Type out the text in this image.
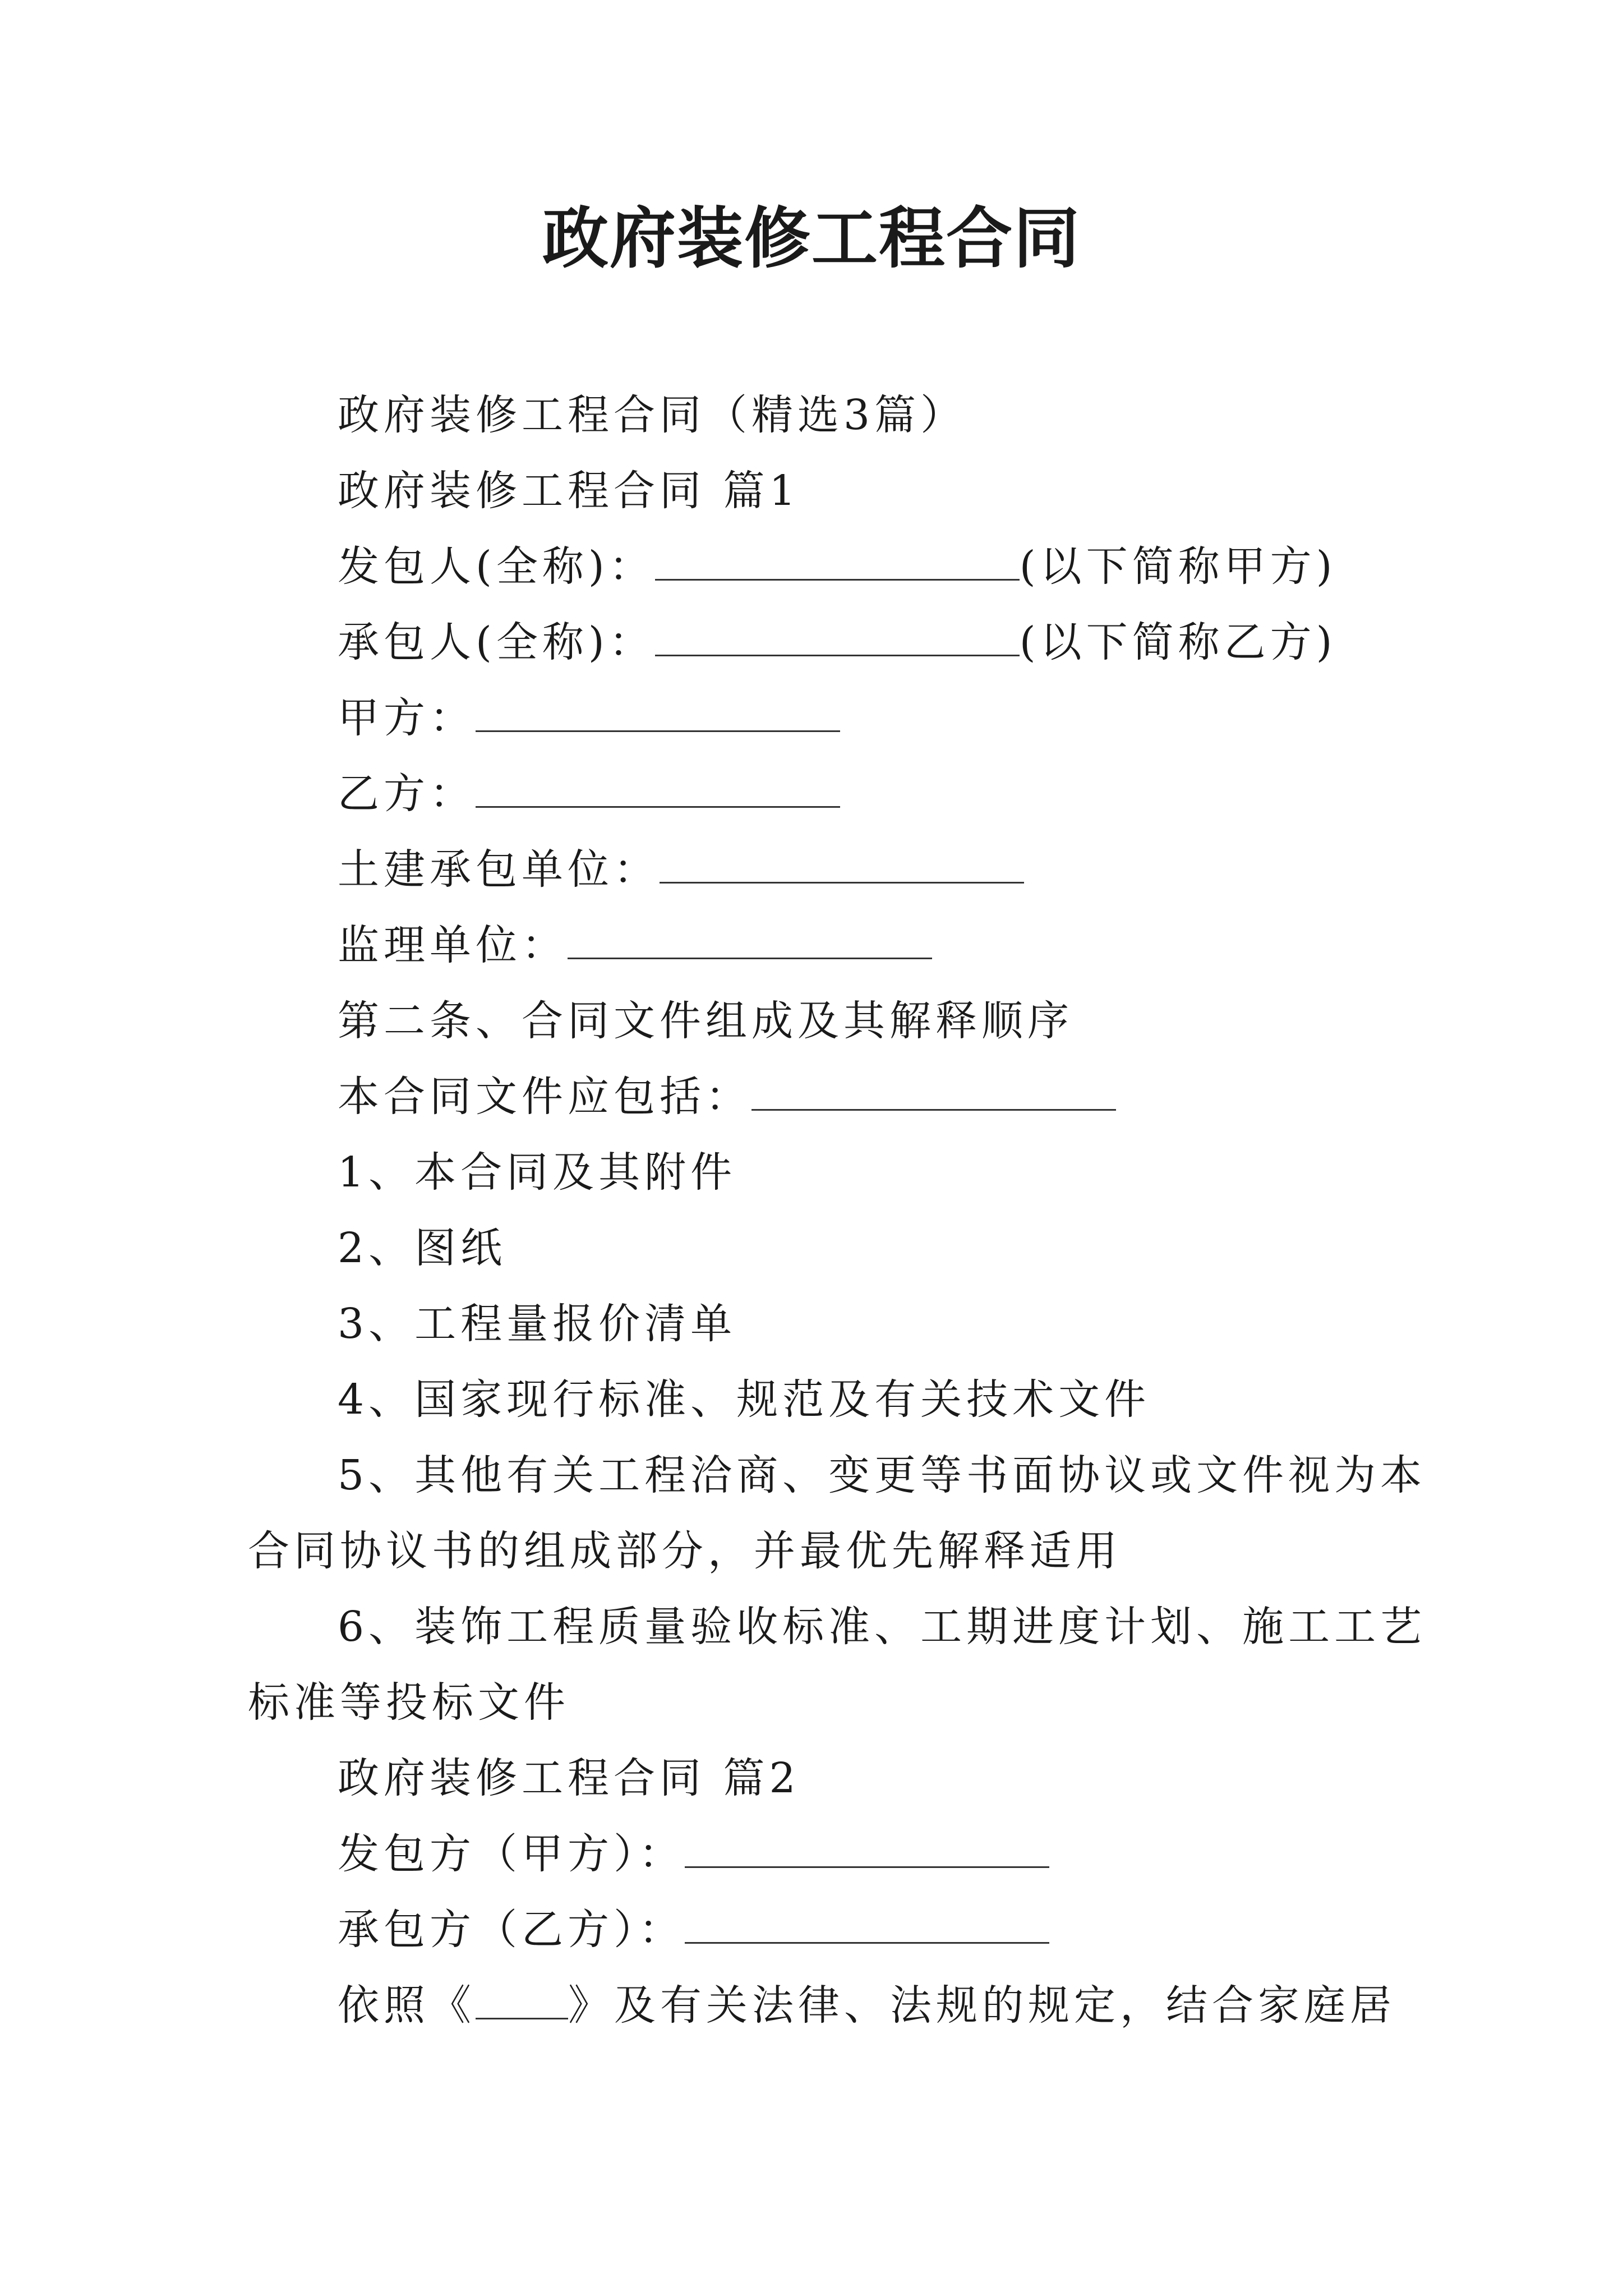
政府装修工程合同
政府装修工程合同（精选3篇）
政府装修工程合同 篇1
发包人(全称)：	(以下简称甲方)
承包人(全称)：	(以下简称乙方)
甲方：
乙方：
土建承包单位：
监理单位：
第二条、合同文件组成及其解释顺序
本合同文件应包括：
1、本合同及其附件
2、图纸
3、工程量报价清单
4、国家现行标准、规范及有关技术文件
5、其他有关工程洽商、变更等书面协议或文件视为本
合同协议书的组成部分，并最优先解释适用
6、装饰工程质量验收标准、工期进度计划、施工工艺
标准等投标文件
政府装修工程合同 篇2
发包方（甲方）：
承包方（乙方）：
依照《 》及有关法律、法规的规定，结合家庭居
